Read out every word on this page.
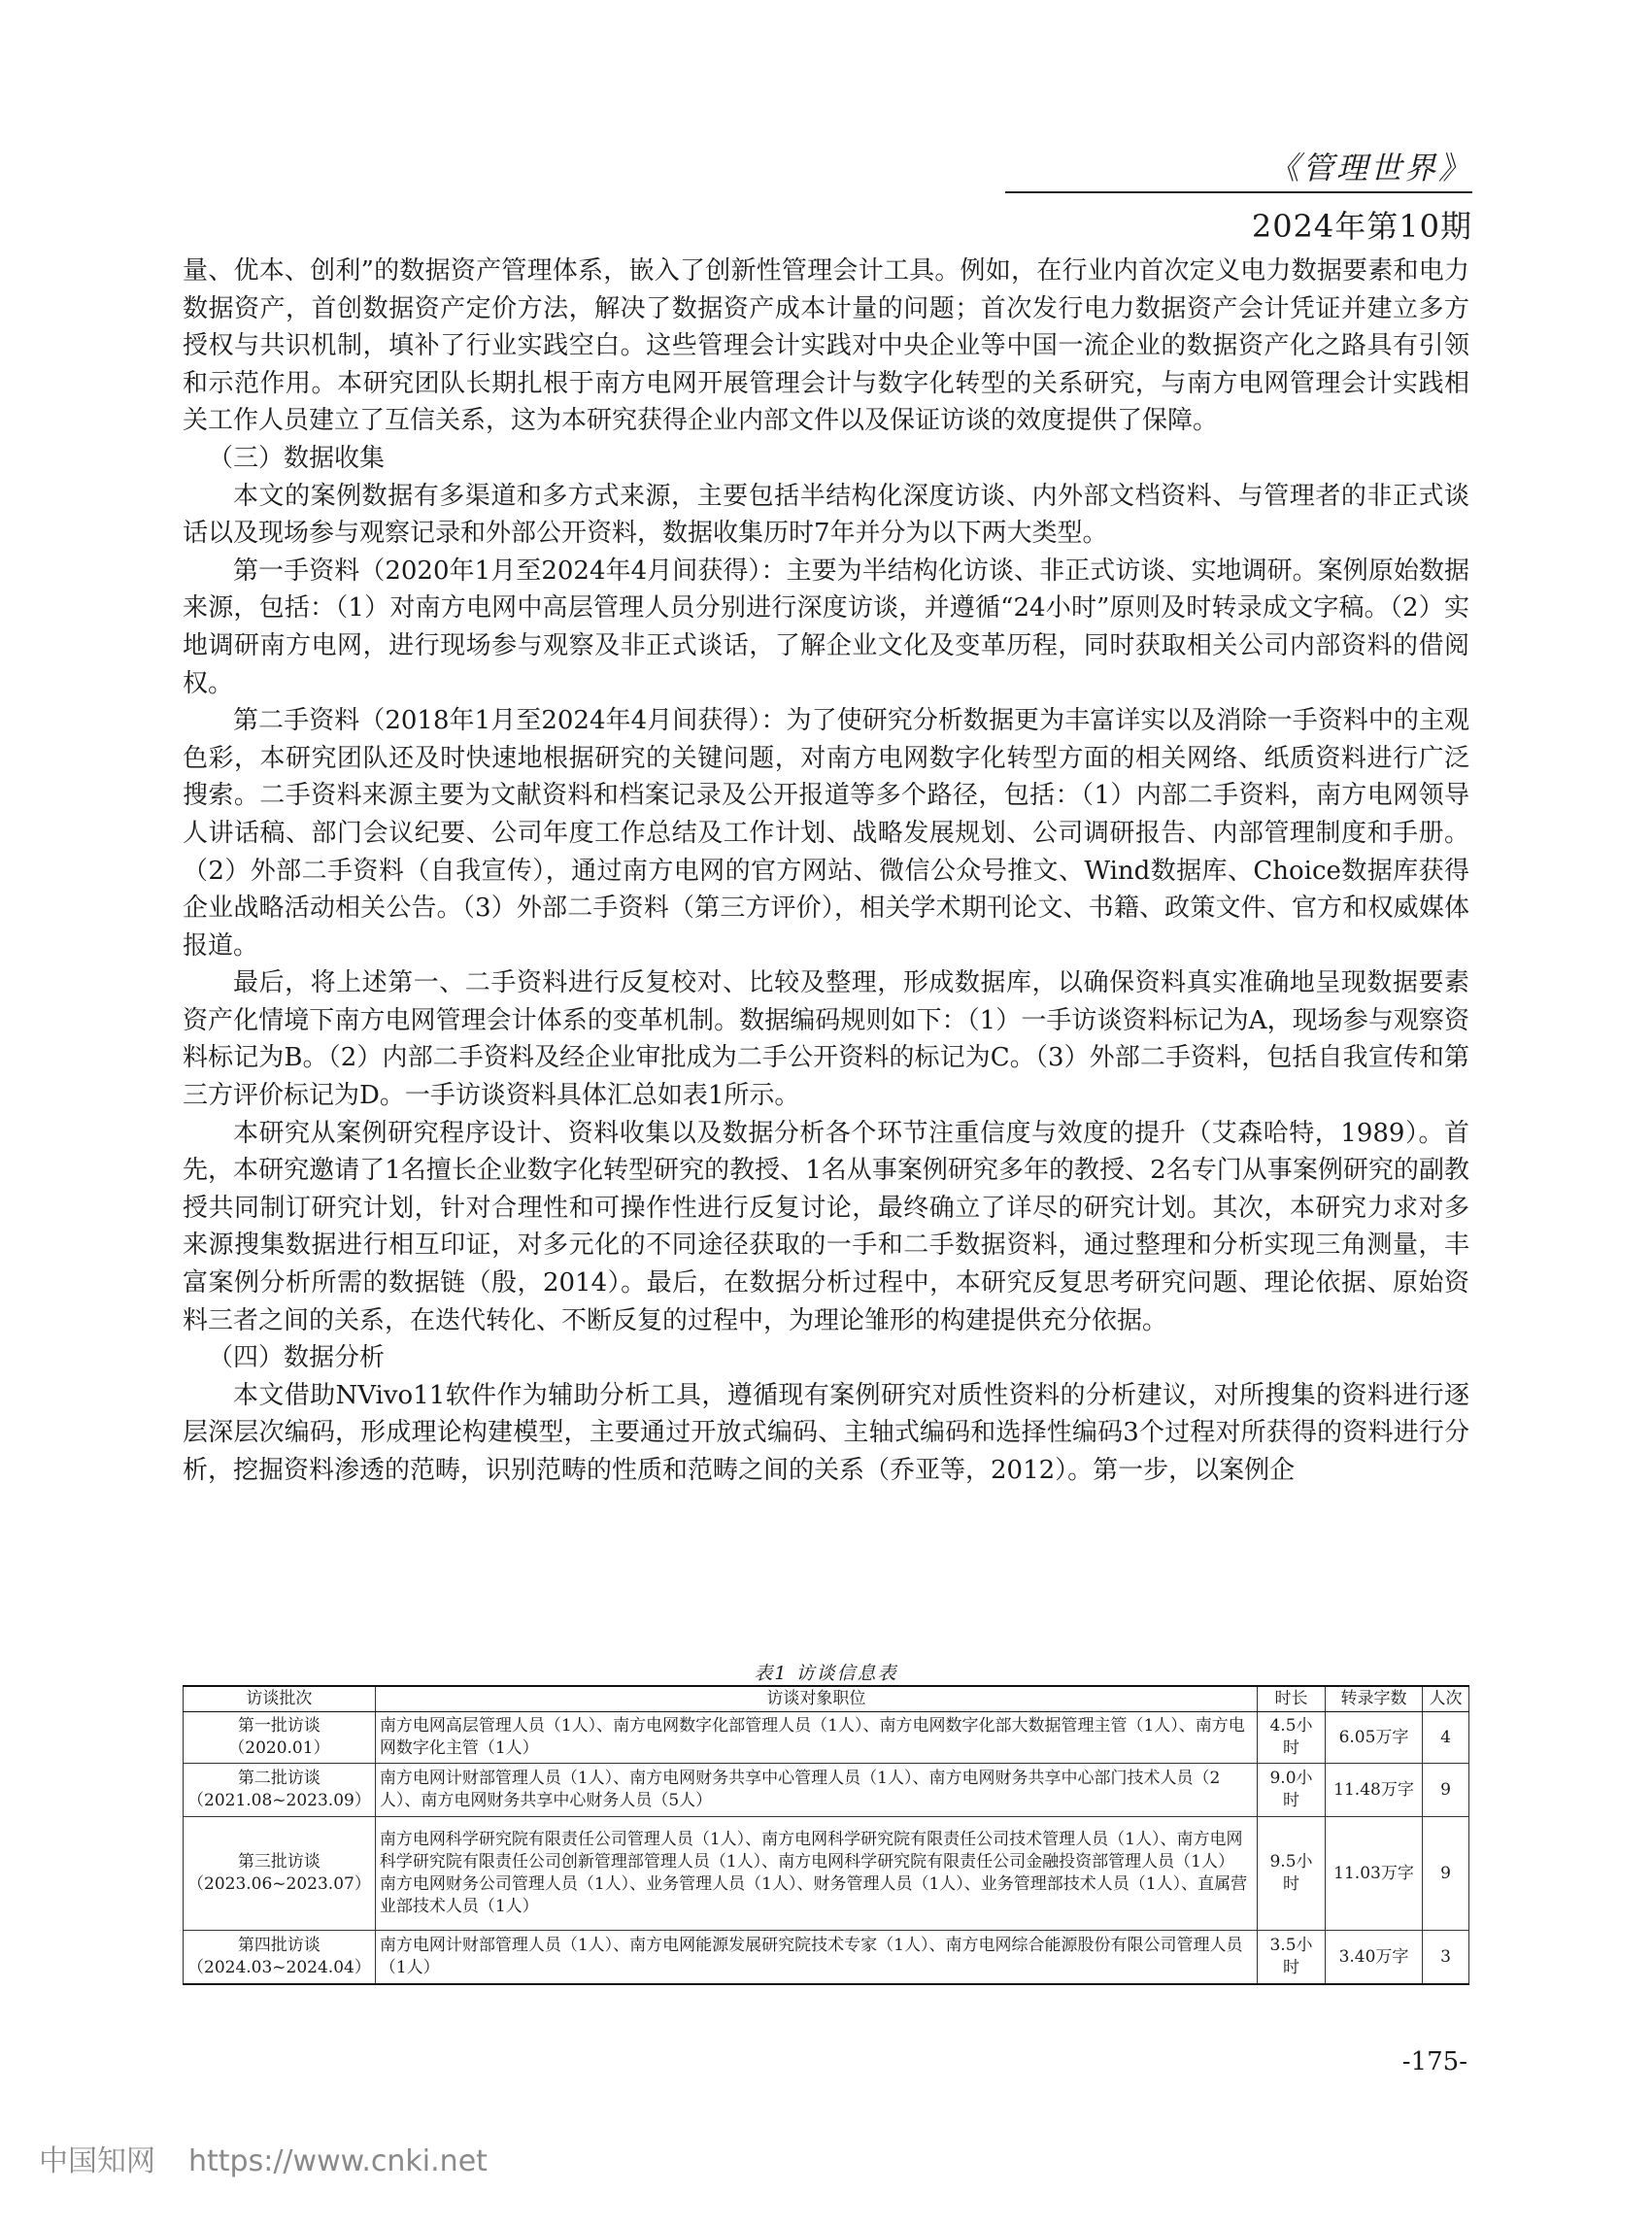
《管理世界》
2024年第10期

量、优本、创利”的数据资产管理体系，嵌入了创新性管理会计工具。例如，在行业内首次定义电力数据要素和电力数据资产，首创数据资产定价方法，解决了数据资产成本计量的问题；首次发行电力数据资产会计凭证并建立多方授权与共识机制，填补了行业实践空白。这些管理会计实践对中央企业等中国一流企业的数据资产化之路具有引领和示范作用。本研究团队长期扎根于南方电网开展管理会计与数字化转型的关系研究，与南方电网管理会计实践相关工作人员建立了互信关系，这为本研究获得企业内部文件以及保证访谈的效度提供了保障。

（三）数据收集

本文的案例数据有多渠道和多方式来源，主要包括半结构化深度访谈、内外部文档资料、与管理者的非正式谈话以及现场参与观察记录和外部公开资料，数据收集历时7年并分为以下两大类型。

第一手资料（2020年1月至2024年4月间获得）：主要为半结构化访谈、非正式访谈、实地调研。案例原始数据来源，包括：（1）对南方电网中高层管理人员分别进行深度访谈，并遵循“24小时”原则及时转录成文字稿。（2）实地调研南方电网，进行现场参与观察及非正式谈话，了解企业文化及变革历程，同时获取相关公司内部资料的借阅权。

第二手资料（2018年1月至2024年4月间获得）：为了使研究分析数据更为丰富详实以及消除一手资料中的主观色彩，本研究团队还及时快速地根据研究的关键问题，对南方电网数字化转型方面的相关网络、纸质资料进行广泛搜索。二手资料来源主要为文献资料和档案记录及公开报道等多个路径，包括：（1）内部二手资料，南方电网领导人讲话稿、部门会议纪要、公司年度工作总结及工作计划、战略发展规划、公司调研报告、内部管理制度和手册。（2）外部二手资料（自我宣传），通过南方电网的官方网站、微信公众号推文、Wind数据库、Choice数据库获得企业战略活动相关公告。（3）外部二手资料（第三方评价），相关学术期刊论文、书籍、政策文件、官方和权威媒体报道。

最后，将上述第一、二手资料进行反复校对、比较及整理，形成数据库，以确保资料真实准确地呈现数据要素资产化情境下南方电网管理会计体系的变革机制。数据编码规则如下：（1）一手访谈资料标记为A，现场参与观察资料标记为B。（2）内部二手资料及经企业审批成为二手公开资料的标记为C。（3）外部二手资料，包括自我宣传和第三方评价标记为D。一手访谈资料具体汇总如表1所示。

本研究从案例研究程序设计、资料收集以及数据分析各个环节注重信度与效度的提升（艾森哈特，1989）。首先，本研究邀请了1名擅长企业数字化转型研究的教授、1名从事案例研究多年的教授、2名专门从事案例研究的副教授共同制订研究计划，针对合理性和可操作性进行反复讨论，最终确立了详尽的研究计划。其次，本研究力求对多来源搜集数据进行相互印证，对多元化的不同途径获取的一手和二手数据资料，通过整理和分析实现三角测量，丰富案例分析所需的数据链（殷，2014）。最后，在数据分析过程中，本研究反复思考研究问题、理论依据、原始资料三者之间的关系，在迭代转化、不断反复的过程中，为理论雏形的构建提供充分依据。

（四）数据分析

本文借助NVivo11软件作为辅助分析工具，遵循现有案例研究对质性资料的分析建议，对所搜集的资料进行逐层深层次编码，形成理论构建模型，主要通过开放式编码、主轴式编码和选择性编码3个过程对所获得的资料进行分析，挖掘资料渗透的范畴，识别范畴的性质和范畴之间的关系（乔亚等，2012）。第一步，以案例企

表1 访谈信息表
访谈批次	访谈对象职位	时长	转录字数	人次
第一批访谈
（2020.01）	南方电网高层管理人员（1人）、南方电网数字化部管理人员（1人）、南方电网数字化部大数据管理主管（1人）、南方电网数字化主管（1人）	4.5小时	6.05万字	4
第二批访谈
（2021.08~2023.09）	南方电网计财部管理人员（1人）、南方电网财务共享中心管理人员（1人）、南方电网财务共享中心部门技术人员（2人）、南方电网财务共享中心财务人员（5人）	9.0小时	11.48万字	9
第三批访谈
（2023.06~2023.07）	南方电网科学研究院有限责任公司管理人员（1人）、南方电网科学研究院有限责任公司技术管理人员（1人）、南方电网科学研究院有限责任公司创新管理部管理人员（1人）、南方电网科学研究院有限责任公司金融投资部管理人员（1人）
南方电网财务公司管理人员（1人）、业务管理人员（1人）、财务管理人员（1人）、业务管理部技术人员（1人）、直属营业部技术人员（1人）	9.5小时	11.03万字	9
第四批访谈
（2024.03~2024.04）	南方电网计财部管理人员（1人）、南方电网能源发展研究院技术专家（1人）、南方电网综合能源股份有限公司管理人员（1人）	3.5小时	3.40万字	3
-175-
中国知网 https://www.cnki.net
